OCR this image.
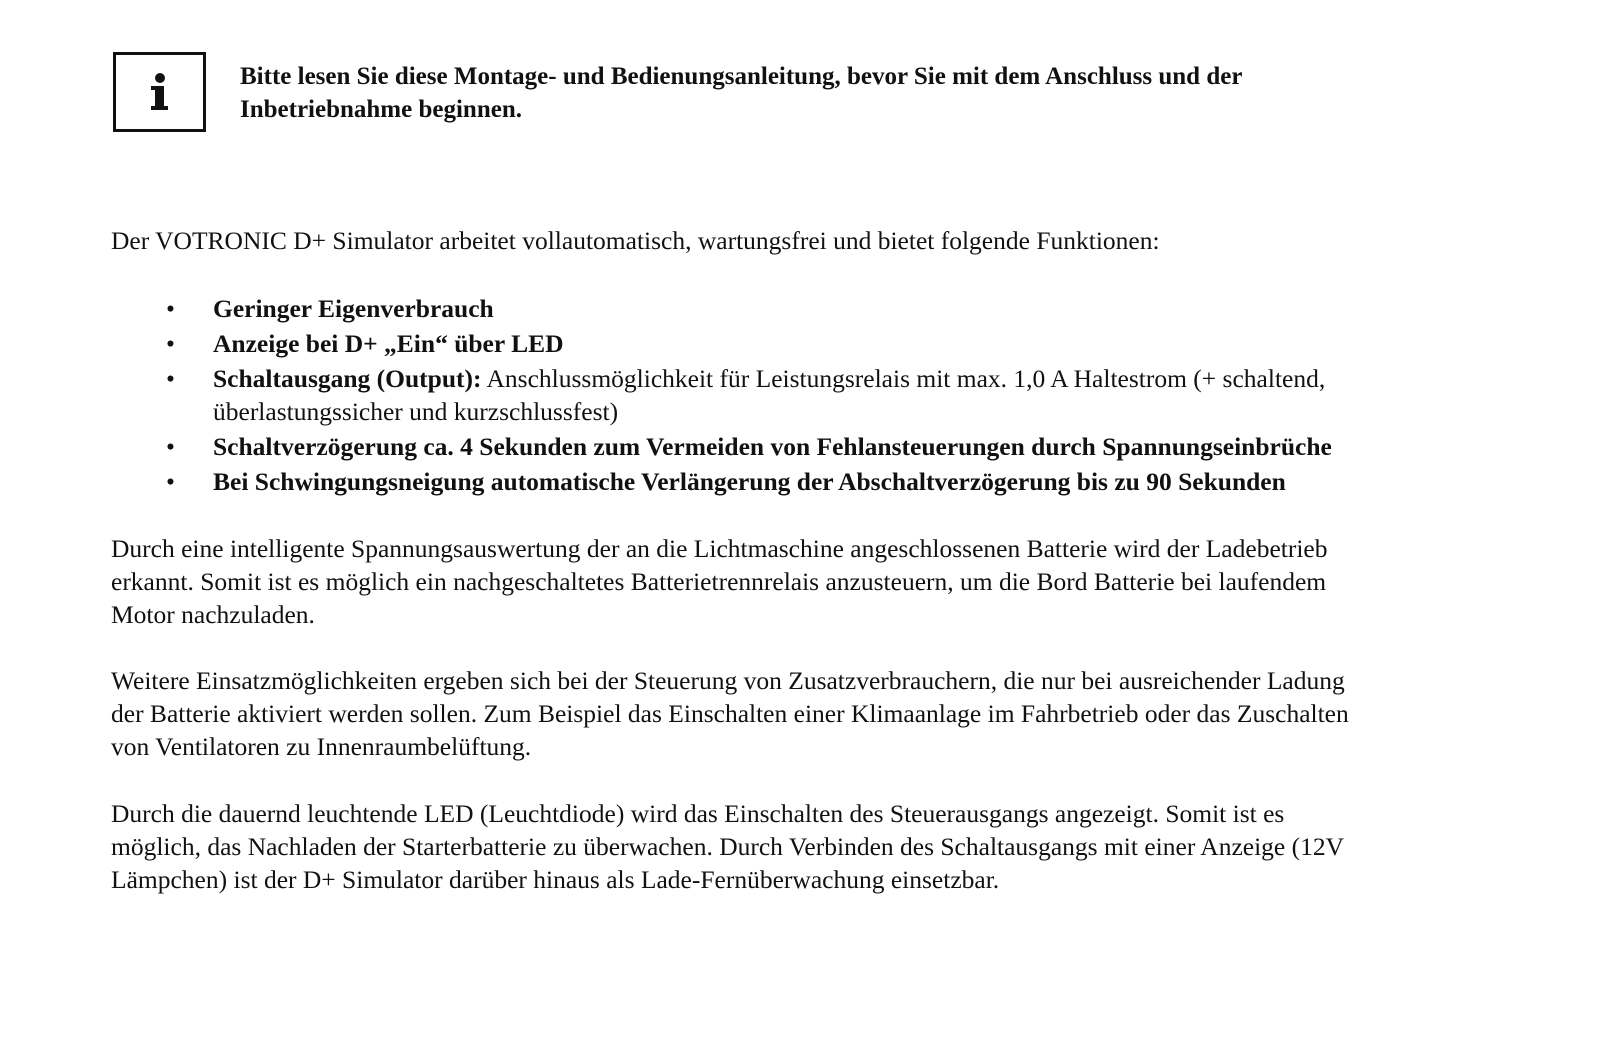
Bitte lesen Sie diese Montage- und Bedienungsanleitung, bevor Sie mit dem Anschluss und der
Inbetriebnahme beginnen.
Der VOTRONIC D+ Simulator arbeitet vollautomatisch, wartungsfrei und bietet folgende Funktionen:
• Geringer Eigenverbrauch
• Anzeige bei D+ „Ein“ über LED
• Schaltausgang (Output): Anschlussmöglichkeit für Leistungsrelais mit max. 1,0 A Haltestrom (+ schaltend, überlastungssicher und kurzschlussfest)
• Schaltverzögerung ca. 4 Sekunden zum Vermeiden von Fehlansteuerungen durch Spannungseinbrüche
• Bei Schwingungsneigung automatische Verlängerung der Abschaltverzögerung bis zu 90 Sekunden

Durch eine intelligente Spannungsauswertung der an die Lichtmaschine angeschlossenen Batterie wird der Ladebetrieb
erkannt. Somit ist es möglich ein nachgeschaltetes Batterietrennrelais anzusteuern, um die Bord Batterie bei laufendem
Motor nachzuladen.

Weitere Einsatzmöglichkeiten ergeben sich bei der Steuerung von Zusatzverbrauchern, die nur bei ausreichender Ladung
der Batterie aktiviert werden sollen. Zum Beispiel das Einschalten einer Klimaanlage im Fahrbetrieb oder das Zuschalten
von Ventilatoren zu Innenraumbelüftung.

Durch die dauernd leuchtende LED (Leuchtdiode) wird das Einschalten des Steuerausgangs angezeigt. Somit ist es
möglich, das Nachladen der Starterbatterie zu überwachen. Durch Verbinden des Schaltausgangs mit einer Anzeige (12V
Lämpchen) ist der D+ Simulator darüber hinaus als Lade-Fernüberwachung einsetzbar.
